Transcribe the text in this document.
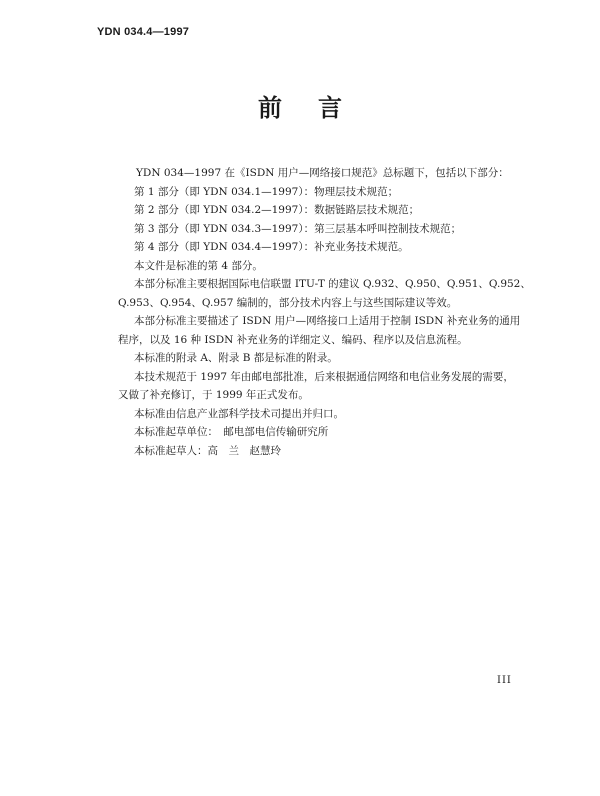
YDN 034.4—1997
前言

YDN 034—1997 在《ISDN 用户—网络接口规范》总标题下，包括以下部分：

第 1 部分（即 YDN 034.1—1997）：物理层技术规范；

第 2 部分（即 YDN 034.2—1997）：数据链路层技术规范；

第 3 部分（即 YDN 034.3—1997）：第三层基本呼叫控制技术规范；

第 4 部分（即 YDN 034.4—1997）：补充业务技术规范。

本文件是标准的第 4 部分。

本部分标准主要根据国际电信联盟 ITU-T 的建议 Q.932、Q.950、Q.951、Q.952、

Q.953、Q.954、Q.957 编制的，部分技术内容上与这些国际建议等效。

本部分标准主要描述了 ISDN 用户—网络接口上适用于控制 ISDN 补充业务的通用

程序，以及 16 种 ISDN 补充业务的详细定义、编码、程序以及信息流程。

本标准的附录 A、附录 B 都是标准的附录。

本技术规范于 1997 年由邮电部批准，后来根据通信网络和电信业务发展的需要，

又做了补充修订，于 1999 年正式发布。

本标准由信息产业部科学技术司提出并归口。

本标准起草单位：　邮电部电信传输研究所

本标准起草人：高　兰　赵慧玲

III
